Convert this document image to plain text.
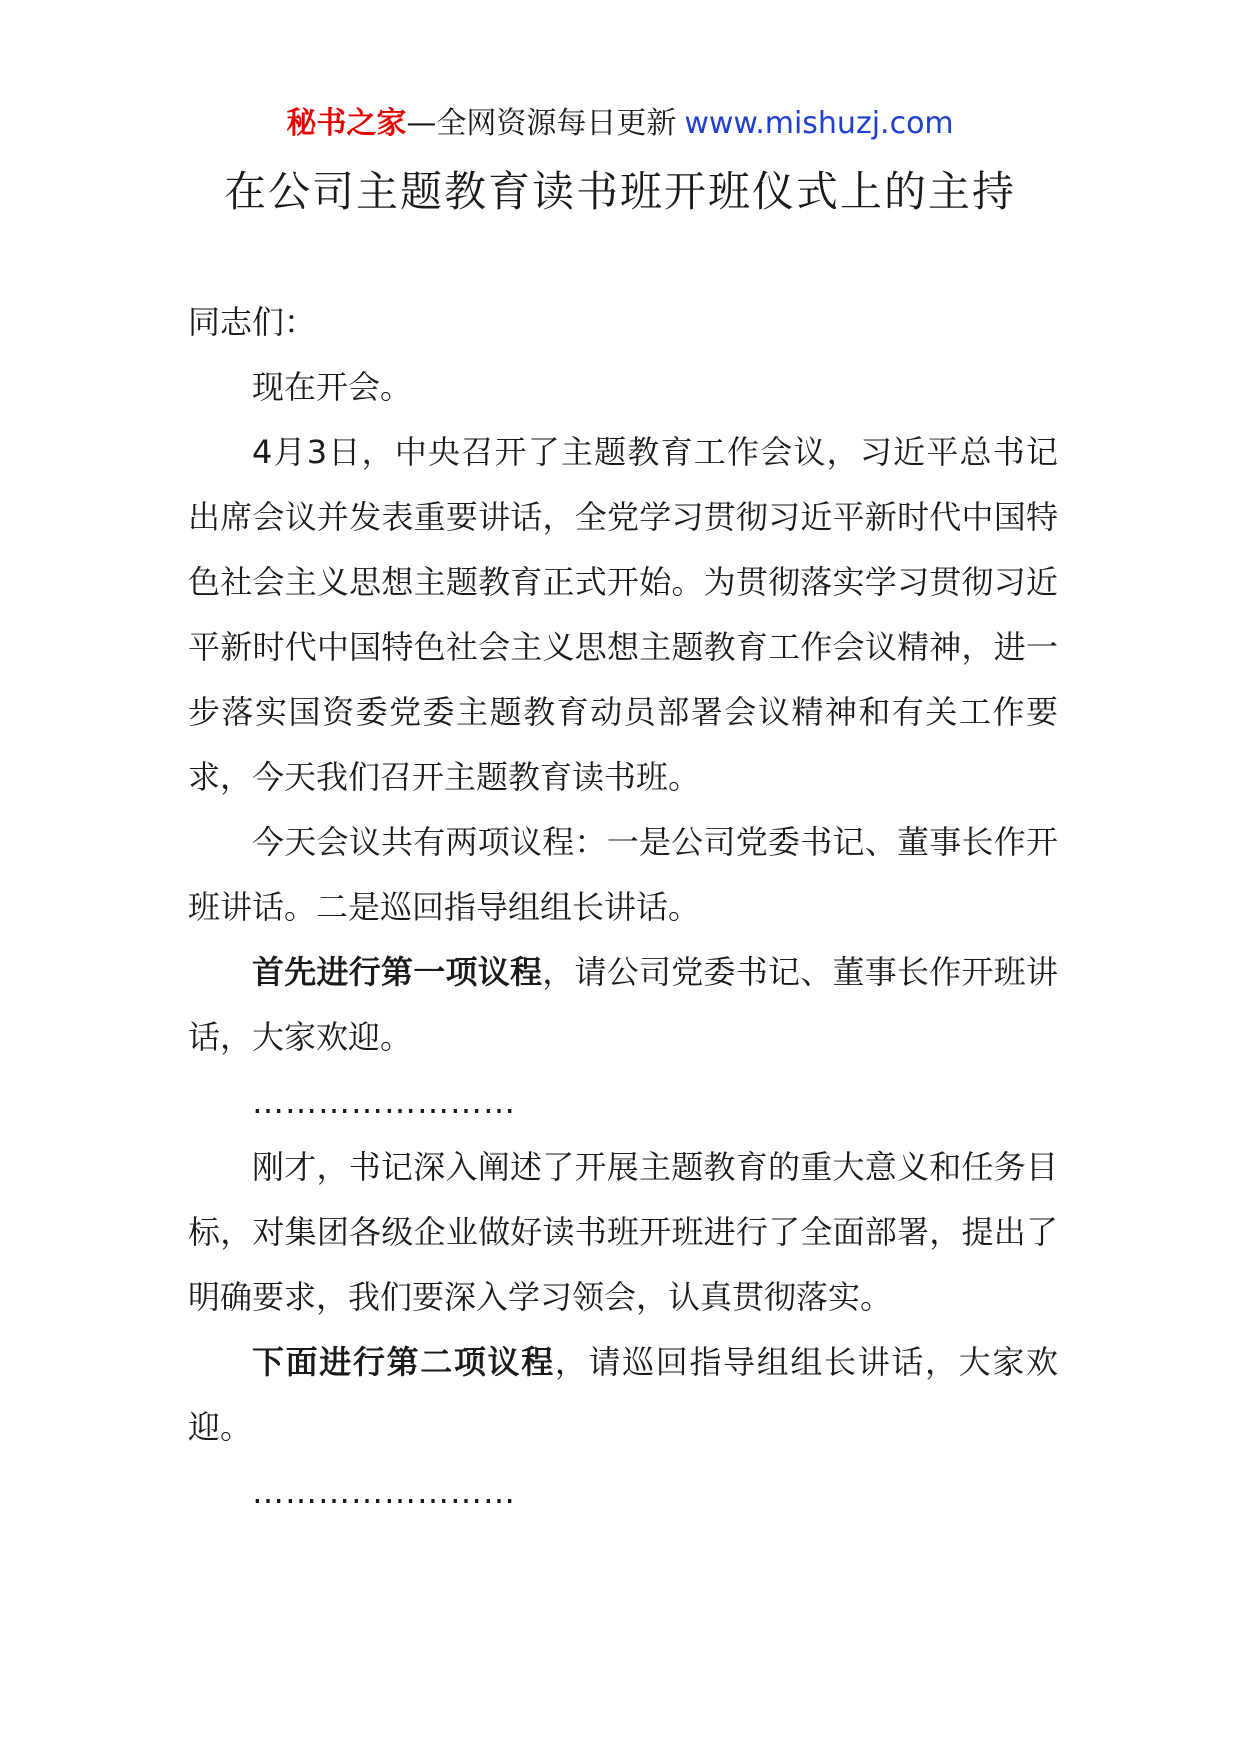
秘书之家—全网资源每日更新 www.mishuzj.com
在公司主题教育读书班开班仪式上的主持

同志们：

现在开会。

4月3日，中央召开了主题教育工作会议，习近平总书记出席会议并发表重要讲话，全党学习贯彻习近平新时代中国特色社会主义思想主题教育正式开始。为贯彻落实学习贯彻习近平新时代中国特色社会主义思想主题教育工作会议精神，进一步落实国资委党委主题教育动员部署会议精神和有关工作要求，今天我们召开主题教育读书班。

今天会议共有两项议程：一是公司党委书记、董事长作开班讲话。二是巡回指导组组长讲话。

首先进行第一项议程，请公司党委书记、董事长作开班讲话，大家欢迎。

……………………

刚才，书记深入阐述了开展主题教育的重大意义和任务目标，对集团各级企业做好读书班开班进行了全面部署，提出了明确要求，我们要深入学习领会，认真贯彻落实。

下面进行第二项议程，请巡回指导组组长讲话，大家欢迎。

……………………
